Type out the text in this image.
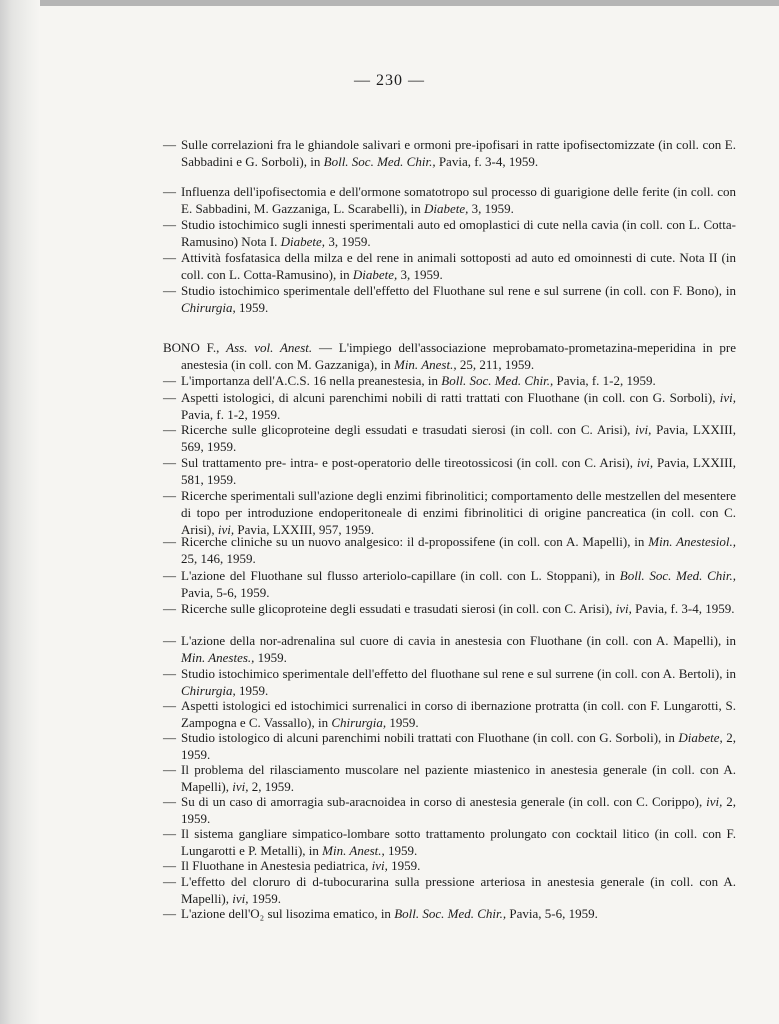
— 230 —
— Sulle correlazioni fra le ghiandole salivari e ormoni pre-ipofisari in ratte ipofisectomizzate (in coll. con E. Sabbadini e G. Sorboli), in Boll. Soc. Med. Chir., Pavia, f. 3-4, 1959.
— Influenza dell'ipofisectomia e dell'ormone somatotropo sul processo di guarigione delle ferite (in coll. con E. Sabbadini, M. Gazzaniga, L. Scarabelli), in Diabete, 3, 1959.
— Studio istochimico sugli innesti sperimentali auto ed omoplastici di cute nella cavia (in coll. con L. Cotta-Ramusino) Nota I. Diabete, 3, 1959.
— Attività fosfatasica della milza e del rene in animali sottoposti ad auto ed omoinnesti di cute. Nota II (in coll. con L. Cotta-Ramusino), in Diabete, 3, 1959.
— Studio istochimico sperimentale dell'effetto del Fluothane sul rene e sul surrene (in coll. con F. Bono), in Chirurgia, 1959.
BONO F., Ass. vol. Anest. — L'impiego dell'associazione meprobamato-prometazina-meperidina in pre anestesia (in coll. con M. Gazzaniga), in Min. Anest., 25, 211, 1959.
— L'importanza dell'A.C.S. 16 nella preanestesia, in Boll. Soc. Med. Chir., Pavia, f. 1-2, 1959.
— Aspetti istologici, di alcuni parenchimi nobili di ratti trattati con Fluothane (in coll. con G. Sorboli), ivi, Pavia, f. 1-2, 1959.
— Ricerche sulle glicoproteine degli essudati e trasudati sierosi (in coll. con C. Arisi), ivi, Pavia, LXXIII, 569, 1959.
— Sul trattamento pre- intra- e post-operatorio delle tireotossicosi (in coll. con C. Arisi), ivi, Pavia, LXXIII, 581, 1959.
— Ricerche sperimentali sull'azione degli enzimi fibrinolitici; comportamento delle mestzellen del mesentere di topo per introduzione endoperitoneale di enzimi fibrinolitici di origine pancreatica (in coll. con C. Arisi), ivi, Pavia, LXXIII, 957, 1959.
— Ricerche cliniche su un nuovo analgesico: il d-propossifene (in coll. con A. Mapelli), in Min. Anestesiol., 25, 146, 1959.
— L'azione del Fluothane sul flusso arteriolo-capillare (in coll. con L. Stoppani), in Boll. Soc. Med. Chir., Pavia, 5-6, 1959.
— Ricerche sulle glicoproteine degli essudati e trasudati sierosi (in coll. con C. Arisi), ivi, Pavia, f. 3-4, 1959.
— L'azione della nor-adrenalina sul cuore di cavia in anestesia con Fluothane (in coll. con A. Mapelli), in Min. Anestes., 1959.
— Studio istochimico sperimentale dell'effetto del fluothane sul rene e sul surrene (in coll. con A. Bertoli), in Chirurgia, 1959.
— Aspetti istologici ed istochimici surrenalici in corso di ibernazione protratta (in coll. con F. Lungarotti, S. Zampogna e C. Vassallo), in Chirurgia, 1959.
— Studio istologico di alcuni parenchimi nobili trattati con Fluothane (in coll. con G. Sorboli), in Diabete, 2, 1959.
— Il problema del rilasciamento muscolare nel paziente miastenico in anestesia generale (in coll. con A. Mapelli), ivi, 2, 1959.
— Su di un caso di amorragia sub-aracnoidea in corso di anestesia generale (in coll. con C. Corippo), ivi, 2, 1959.
— Il sistema gangliare simpatico-lombare sotto trattamento prolungato con cocktail litico (in coll. con F. Lungarotti e P. Metalli), in Min. Anest., 1959.
— Il Fluothane in Anestesia pediatrica, ivi, 1959.
— L'effetto del cloruro di d-tubocurarina sulla pressione arteriosa in anestesia generale (in coll. con A. Mapelli), ivi, 1959.
— L'azione dell'O₂ sul lisozima ematico, in Boll. Soc. Med. Chir., Pavia, 5-6, 1959.
